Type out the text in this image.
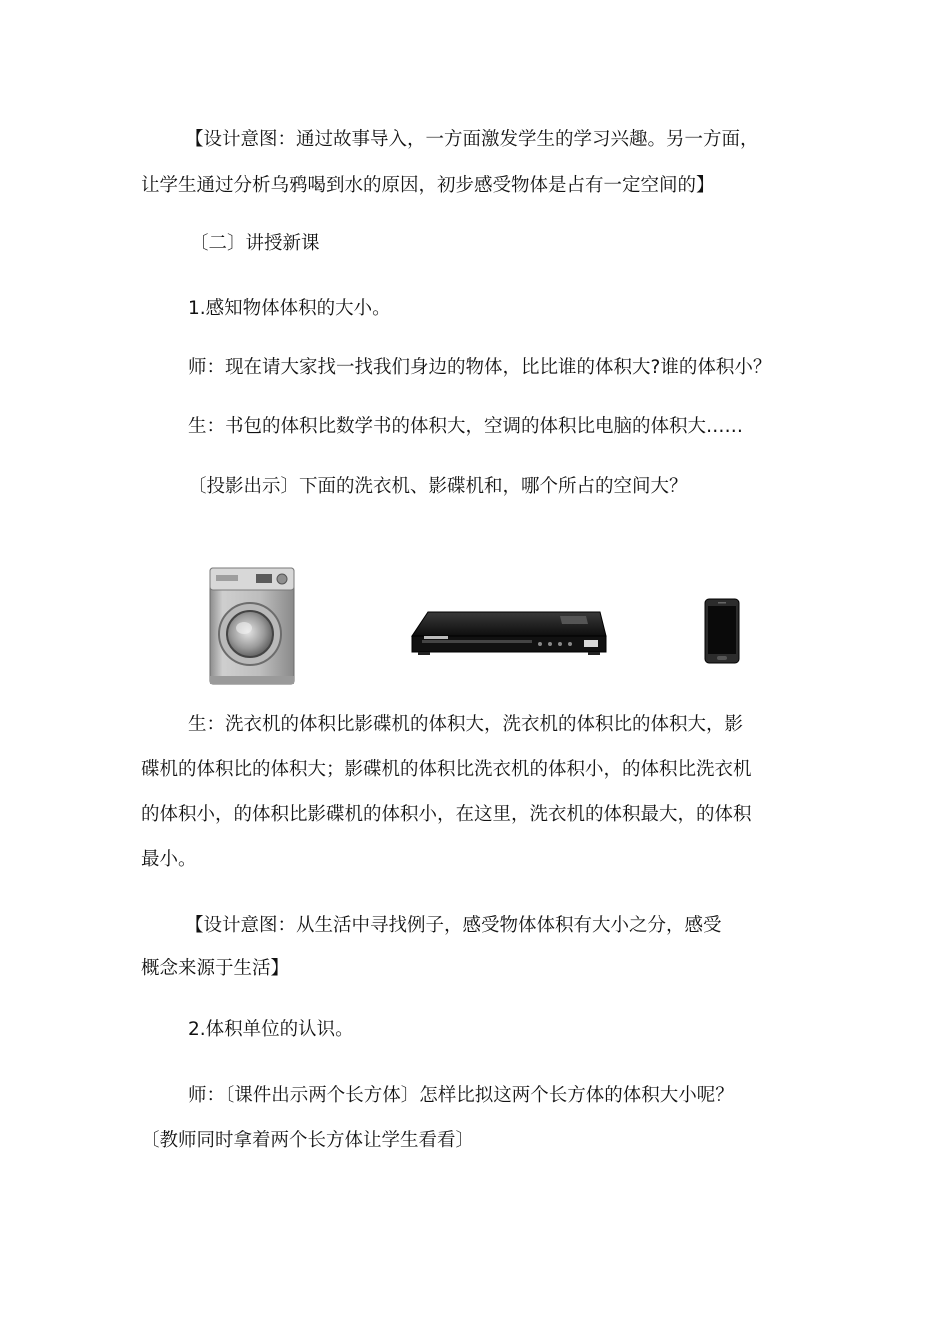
【设计意图：通过故事导入，一方面激发学生的学习兴趣。另一方面，
让学生通过分析乌鸦喝到水的原因，初步感受物体是占有一定空间的】
〔二〕讲授新课
1.感知物体体积的大小。
师：现在请大家找一找我们身边的物体，比比谁的体积大?谁的体积小？
生：书包的体积比数学书的体积大，空调的体积比电脑的体积大……
〔投影出示〕下面的洗衣机、影碟机和，哪个所占的空间大？
生：洗衣机的体积比影碟机的体积大，洗衣机的体积比的体积大，影
碟机的体积比的体积大；影碟机的体积比洗衣机的体积小，的体积比洗衣机
的体积小，的体积比影碟机的体积小，在这里，洗衣机的体积最大，的体积
最小。
【设计意图：从生活中寻找例子，感受物体体积有大小之分，感受
概念来源于生活】
2.体积单位的认识。
师：〔课件出示两个长方体〕怎样比拟这两个长方体的体积大小呢？
〔教师同时拿着两个长方体让学生看看〕
